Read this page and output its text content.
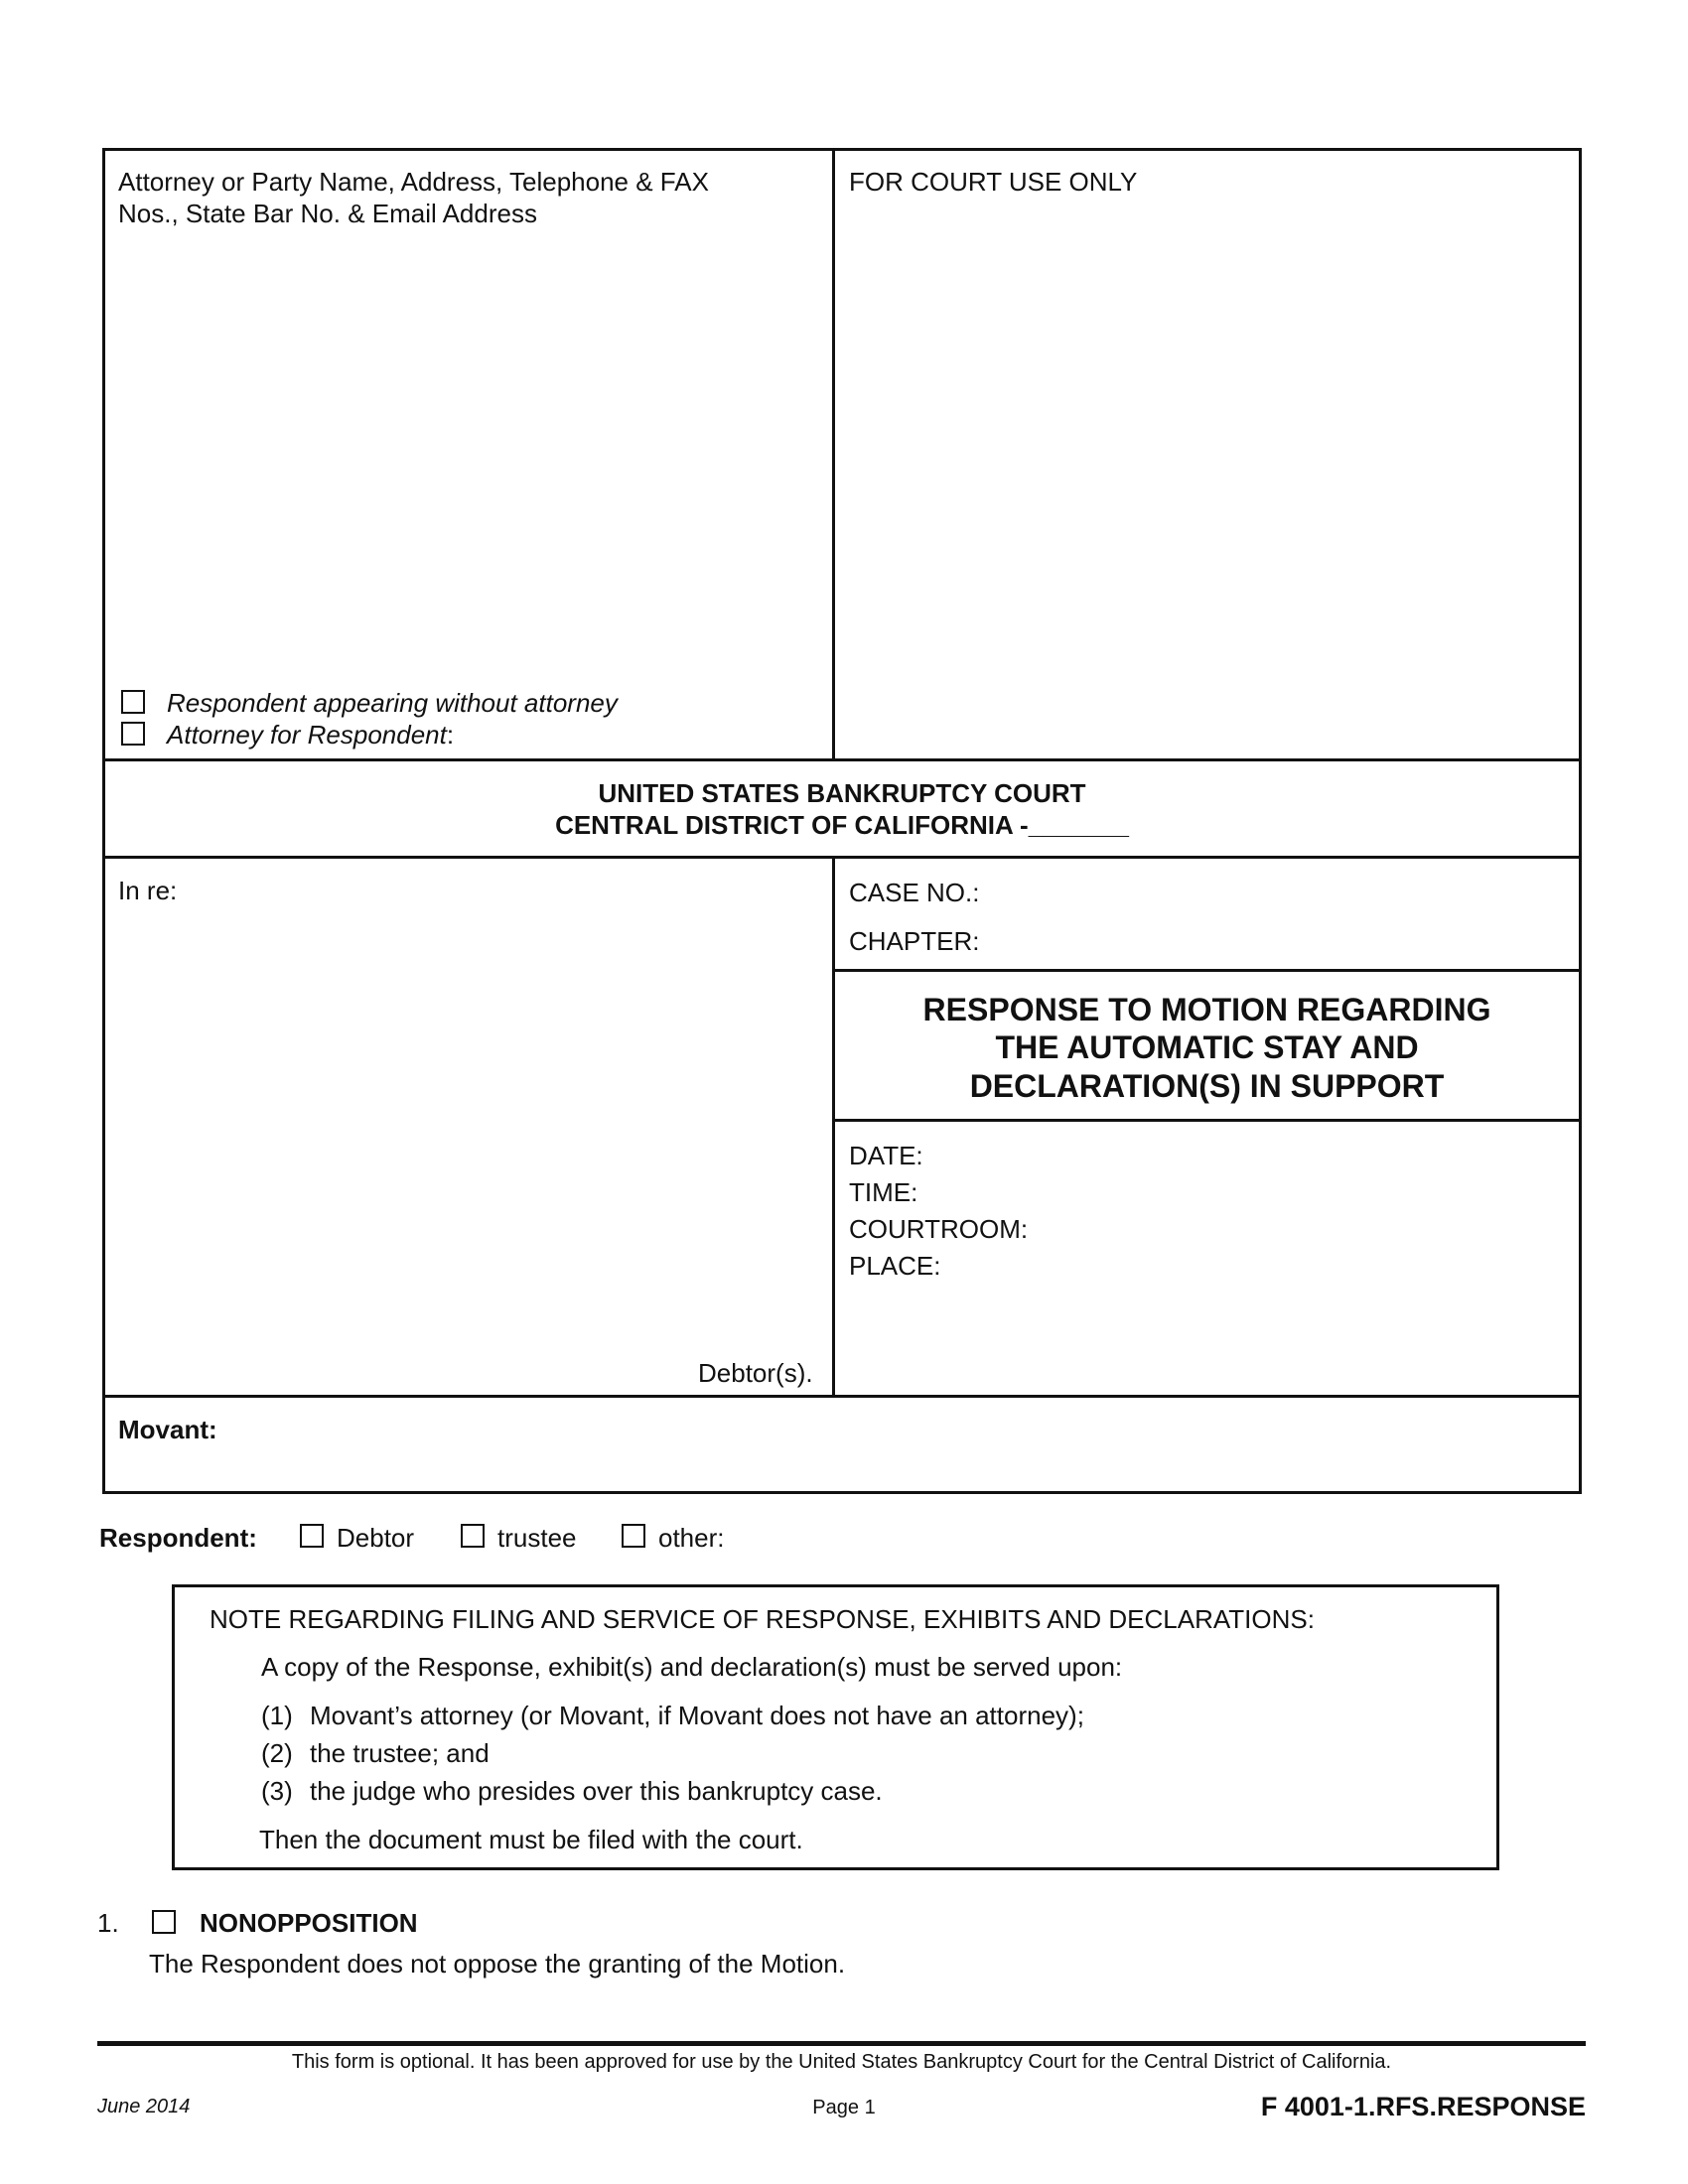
Attorney or Party Name, Address, Telephone & FAX
Nos., State Bar No. & Email Address
Respondent appearing without attorney
Attorney for Respondent:
FOR COURT USE ONLY
UNITED STATES BANKRUPTCY COURT
CENTRAL DISTRICT OF CALIFORNIA -_______
In re:
Debtor(s).
CASE NO.:
CHAPTER:
RESPONSE TO MOTION REGARDING
THE AUTOMATIC STAY AND
DECLARATION(S) IN SUPPORT
DATE:
TIME:
COURTROOM:
PLACE:
Movant:
Respondent:	Debtor	trustee	other:
NOTE REGARDING FILING AND SERVICE OF RESPONSE, EXHIBITS AND DECLARATIONS:
A copy of the Response, exhibit(s) and declaration(s) must be served upon:
(1) Movant’s attorney (or Movant, if Movant does not have an attorney);
(2) the trustee; and
(3) the judge who presides over this bankruptcy case.
Then the document must be filed with the court.
1.	NONOPPOSITION
The Respondent does not oppose the granting of the Motion.
This form is optional. It has been approved for use by the United States Bankruptcy Court for the Central District of California.
June 2014	Page 1	F 4001-1.RFS.RESPONSE
